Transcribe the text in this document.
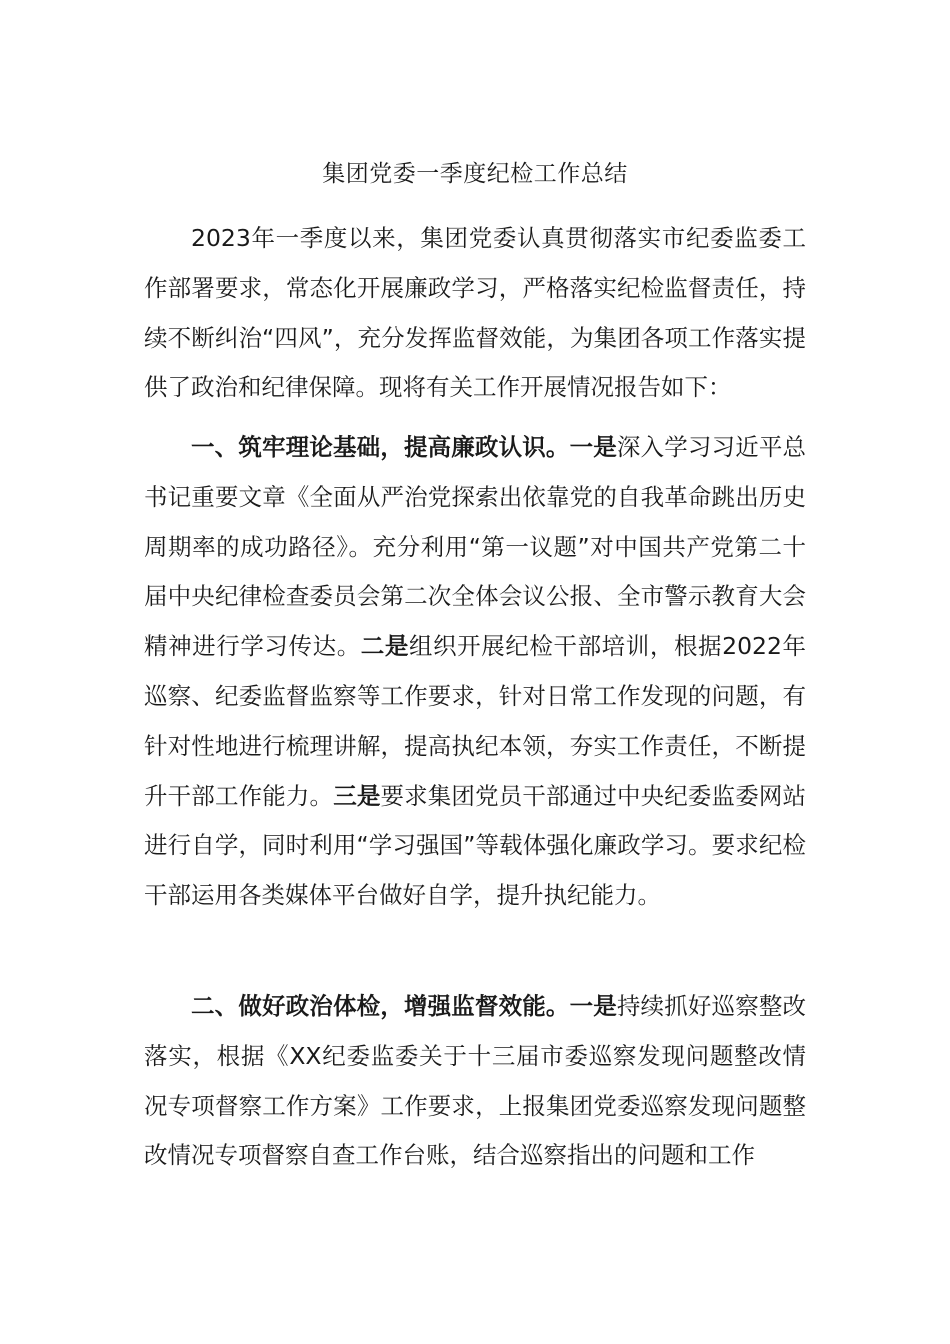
集团党委一季度纪检工作总结

2023年一季度以来，集团党委认真贯彻落实市纪委监委工作部署要求，常态化开展廉政学习，严格落实纪检监督责任，持续不断纠治“四风”，充分发挥监督效能，为集团各项工作落实提供了政治和纪律保障。现将有关工作开展情况报告如下：

一、筑牢理论基础，提高廉政认识。一是深入学习习近平总书记重要文章《全面从严治党探索出依靠党的自我革命跳出历史周期率的成功路径》。充分利用“第一议题”对中国共产党第二十届中央纪律检查委员会第二次全体会议公报、全市警示教育大会精神进行学习传达。二是组织开展纪检干部培训，根据2022年巡察、纪委监督监察等工作要求，针对日常工作发现的问题，有针对性地进行梳理讲解，提高执纪本领，夯实工作责任，不断提升干部工作能力。三是要求集团党员干部通过中央纪委监委网站进行自学，同时利用“学习强国”等载体强化廉政学习。要求纪检干部运用各类媒体平台做好自学，提升执纪能力。

二、做好政治体检，增强监督效能。一是持续抓好巡察整改落实，根据《XX纪委监委关于十三届市委巡察发现问题整改情况专项督察工作方案》工作要求，上报集团党委巡察发现问题整改情况专项督察自查工作台账，结合巡察指出的问题和工作
